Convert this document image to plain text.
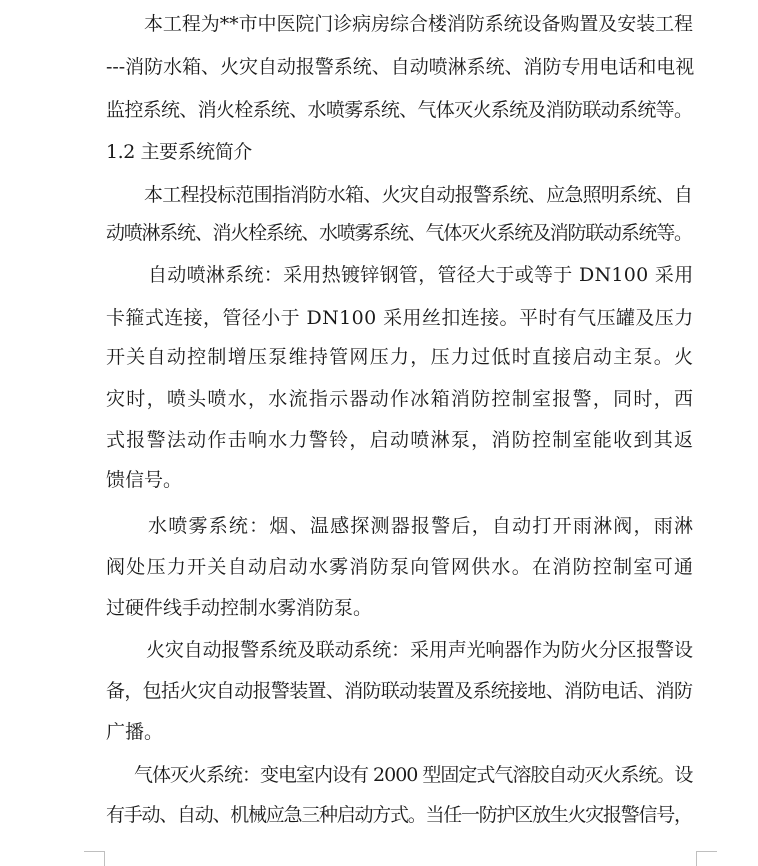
本工程为**市中医院门诊病房综合楼消防系统设备购置及安装工程
---消防水箱、火灾自动报警系统、自动喷淋系统、消防专用电话和电视
监控系统、消火栓系统、水喷雾系统、气体灭火系统及消防联动系统等。
1.2 主要系统简介
本工程投标范围指消防水箱、火灾自动报警系统、应急照明系统、自
动喷淋系统、消火栓系统、水喷雾系统、气体灭火系统及消防联动系统等。
自动喷淋系统：采用热镀锌钢管，管径大于或等于 DN100 采用
卡箍式连接，管径小于 DN100 采用丝扣连接。平时有气压罐及压力
开关自动控制增压泵维持管网压力，压力过低时直接启动主泵。火
灾时，喷头喷水，水流指示器动作冰箱消防控制室报警，同时，西
式报警法动作击响水力警铃，启动喷淋泵，消防控制室能收到其返
馈信号。
水喷雾系统：烟、温感探测器报警后，自动打开雨淋阀，雨淋
阀处压力开关自动启动水雾消防泵向管网供水。在消防控制室可通
过硬件线手动控制水雾消防泵。
火灾自动报警系统及联动系统：采用声光响器作为防火分区报警设
备，包括火灾自动报警装置、消防联动装置及系统接地、消防电话、消防
广播。
气体灭火系统：变电室内设有 2000 型固定式气溶胶自动灭火系统。设
有手动、自动、机械应急三种启动方式。当任一防护区放生火灾报警信号，
